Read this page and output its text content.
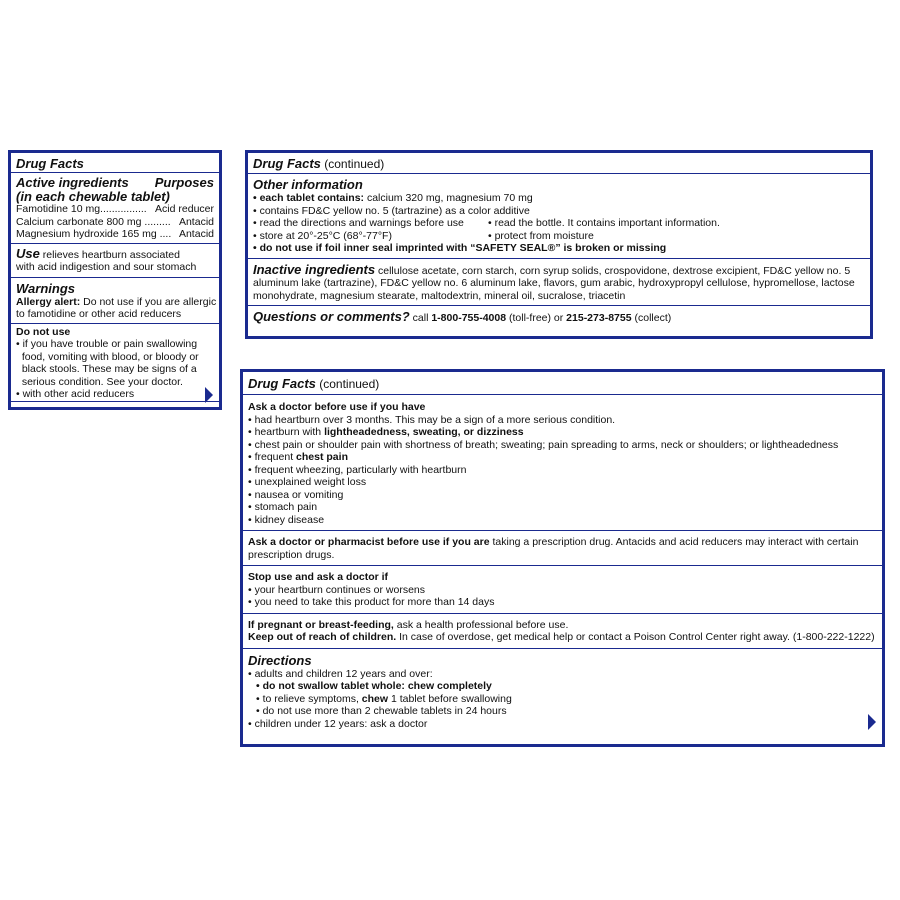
Drug Facts
Active ingredients Purposes
(in each chewable tablet)
Famotidine 10 mg................ Acid reducer
Calcium carbonate 800 mg ......... Antacid
Magnesium hydroxide 165 mg .... Antacid
Use relieves heartburn associated
with acid indigestion and sour stomach
Warnings
Allergy alert: Do not use if you are allergic
to famotidine or other acid reducers
Do not use
• if you have trouble or pain swallowing
food, vomiting with blood, or bloody or
black stools. These may be signs of a
serious condition. See your doctor.
• with other acid reducers
Drug Facts (continued)
Other information
• each tablet contains: calcium 320 mg, magnesium 70 mg
• contains FD&C yellow no. 5 (tartrazine) as a color additive
• read the directions and warnings before use	• read the bottle. It contains important information.
• store at 20°-25°C (68°-77°F)	• protect from moisture
• do not use if foil inner seal imprinted with “SAFETY SEAL®” is broken or missing
Inactive ingredients cellulose acetate, corn starch, corn syrup solids, crospovidone, dextrose excipient, FD&C yellow no. 5
aluminum lake (tartrazine), FD&C yellow no. 6 aluminum lake, flavors, gum arabic, hydroxypropyl cellulose, hypromellose, lactose
monohydrate, magnesium stearate, maltodextrin, mineral oil, sucralose, triacetin
Questions or comments? call 1-800-755-4008 (toll-free) or 215-273-8755 (collect)
Drug Facts (continued)
Ask a doctor before use if you have
• had heartburn over 3 months. This may be a sign of a more serious condition.
• heartburn with lightheadedness, sweating, or dizziness
• chest pain or shoulder pain with shortness of breath; sweating; pain spreading to arms, neck or shoulders; or lightheadedness
• frequent chest pain
• frequent wheezing, particularly with heartburn
• unexplained weight loss
• nausea or vomiting
• stomach pain
• kidney disease
Ask a doctor or pharmacist before use if you are taking a prescription drug. Antacids and acid reducers may interact with certain
prescription drugs.
Stop use and ask a doctor if
• your heartburn continues or worsens
• you need to take this product for more than 14 days
If pregnant or breast-feeding, ask a health professional before use.
Keep out of reach of children. In case of overdose, get medical help or contact a Poison Control Center right away. (1-800-222-1222)
Directions
• adults and children 12 years and over:
• do not swallow tablet whole: chew completely
• to relieve symptoms, chew 1 tablet before swallowing
• do not use more than 2 chewable tablets in 24 hours
• children under 12 years: ask a doctor
